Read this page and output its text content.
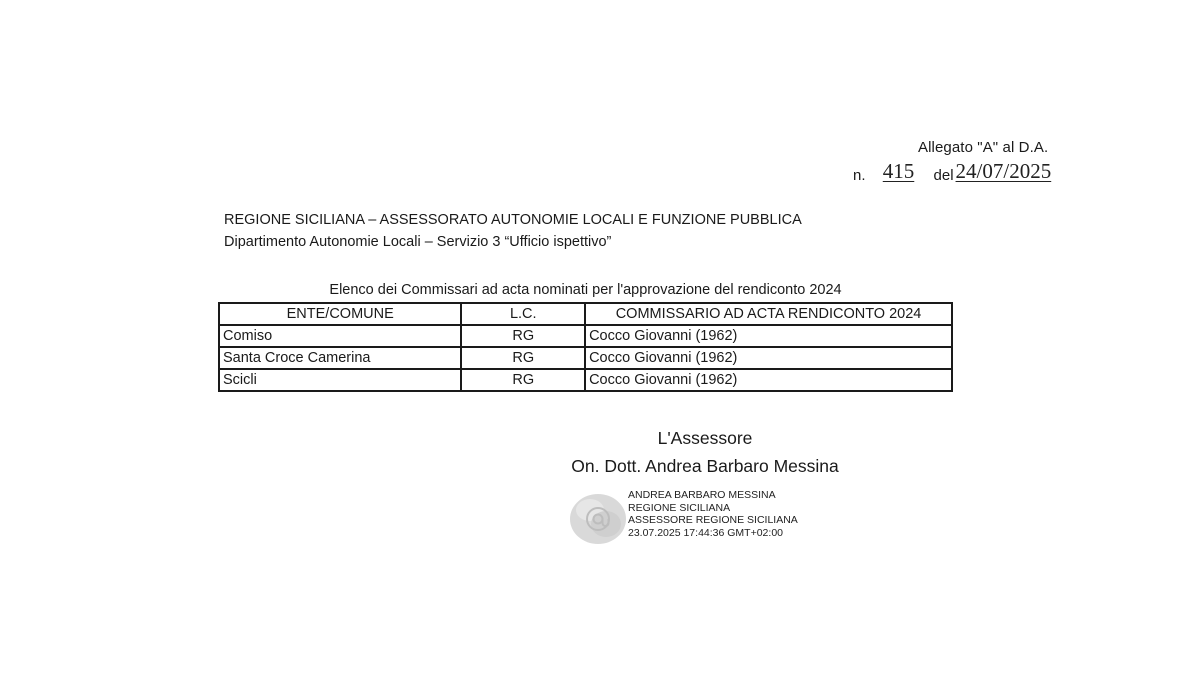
Allegato "A" al D.A.
n. 415	del 24/07/2025
REGIONE SICILIANA – ASSESSORATO AUTONOMIE LOCALI E FUNZIONE PUBBLICA
Dipartimento Autonomie Locali – Servizio 3 “Ufficio ispettivo”
Elenco dei Commissari ad acta nominati per l'approvazione del rendiconto 2024
ENTE/COMUNE	L.C.	COMMISSARIO AD ACTA RENDICONTO 2024
Comiso	RG	Cocco Giovanni (1962)
Santa Croce Camerina	RG	Cocco Giovanni (1962)
Scicli	RG	Cocco Giovanni (1962)
L'Assessore
On. Dott. Andrea Barbaro Messina
ANDREA BARBARO MESSINA
REGIONE SICILIANA
ASSESSORE REGIONE SICILIANA
23.07.2025 17:44:36 GMT+02:00
